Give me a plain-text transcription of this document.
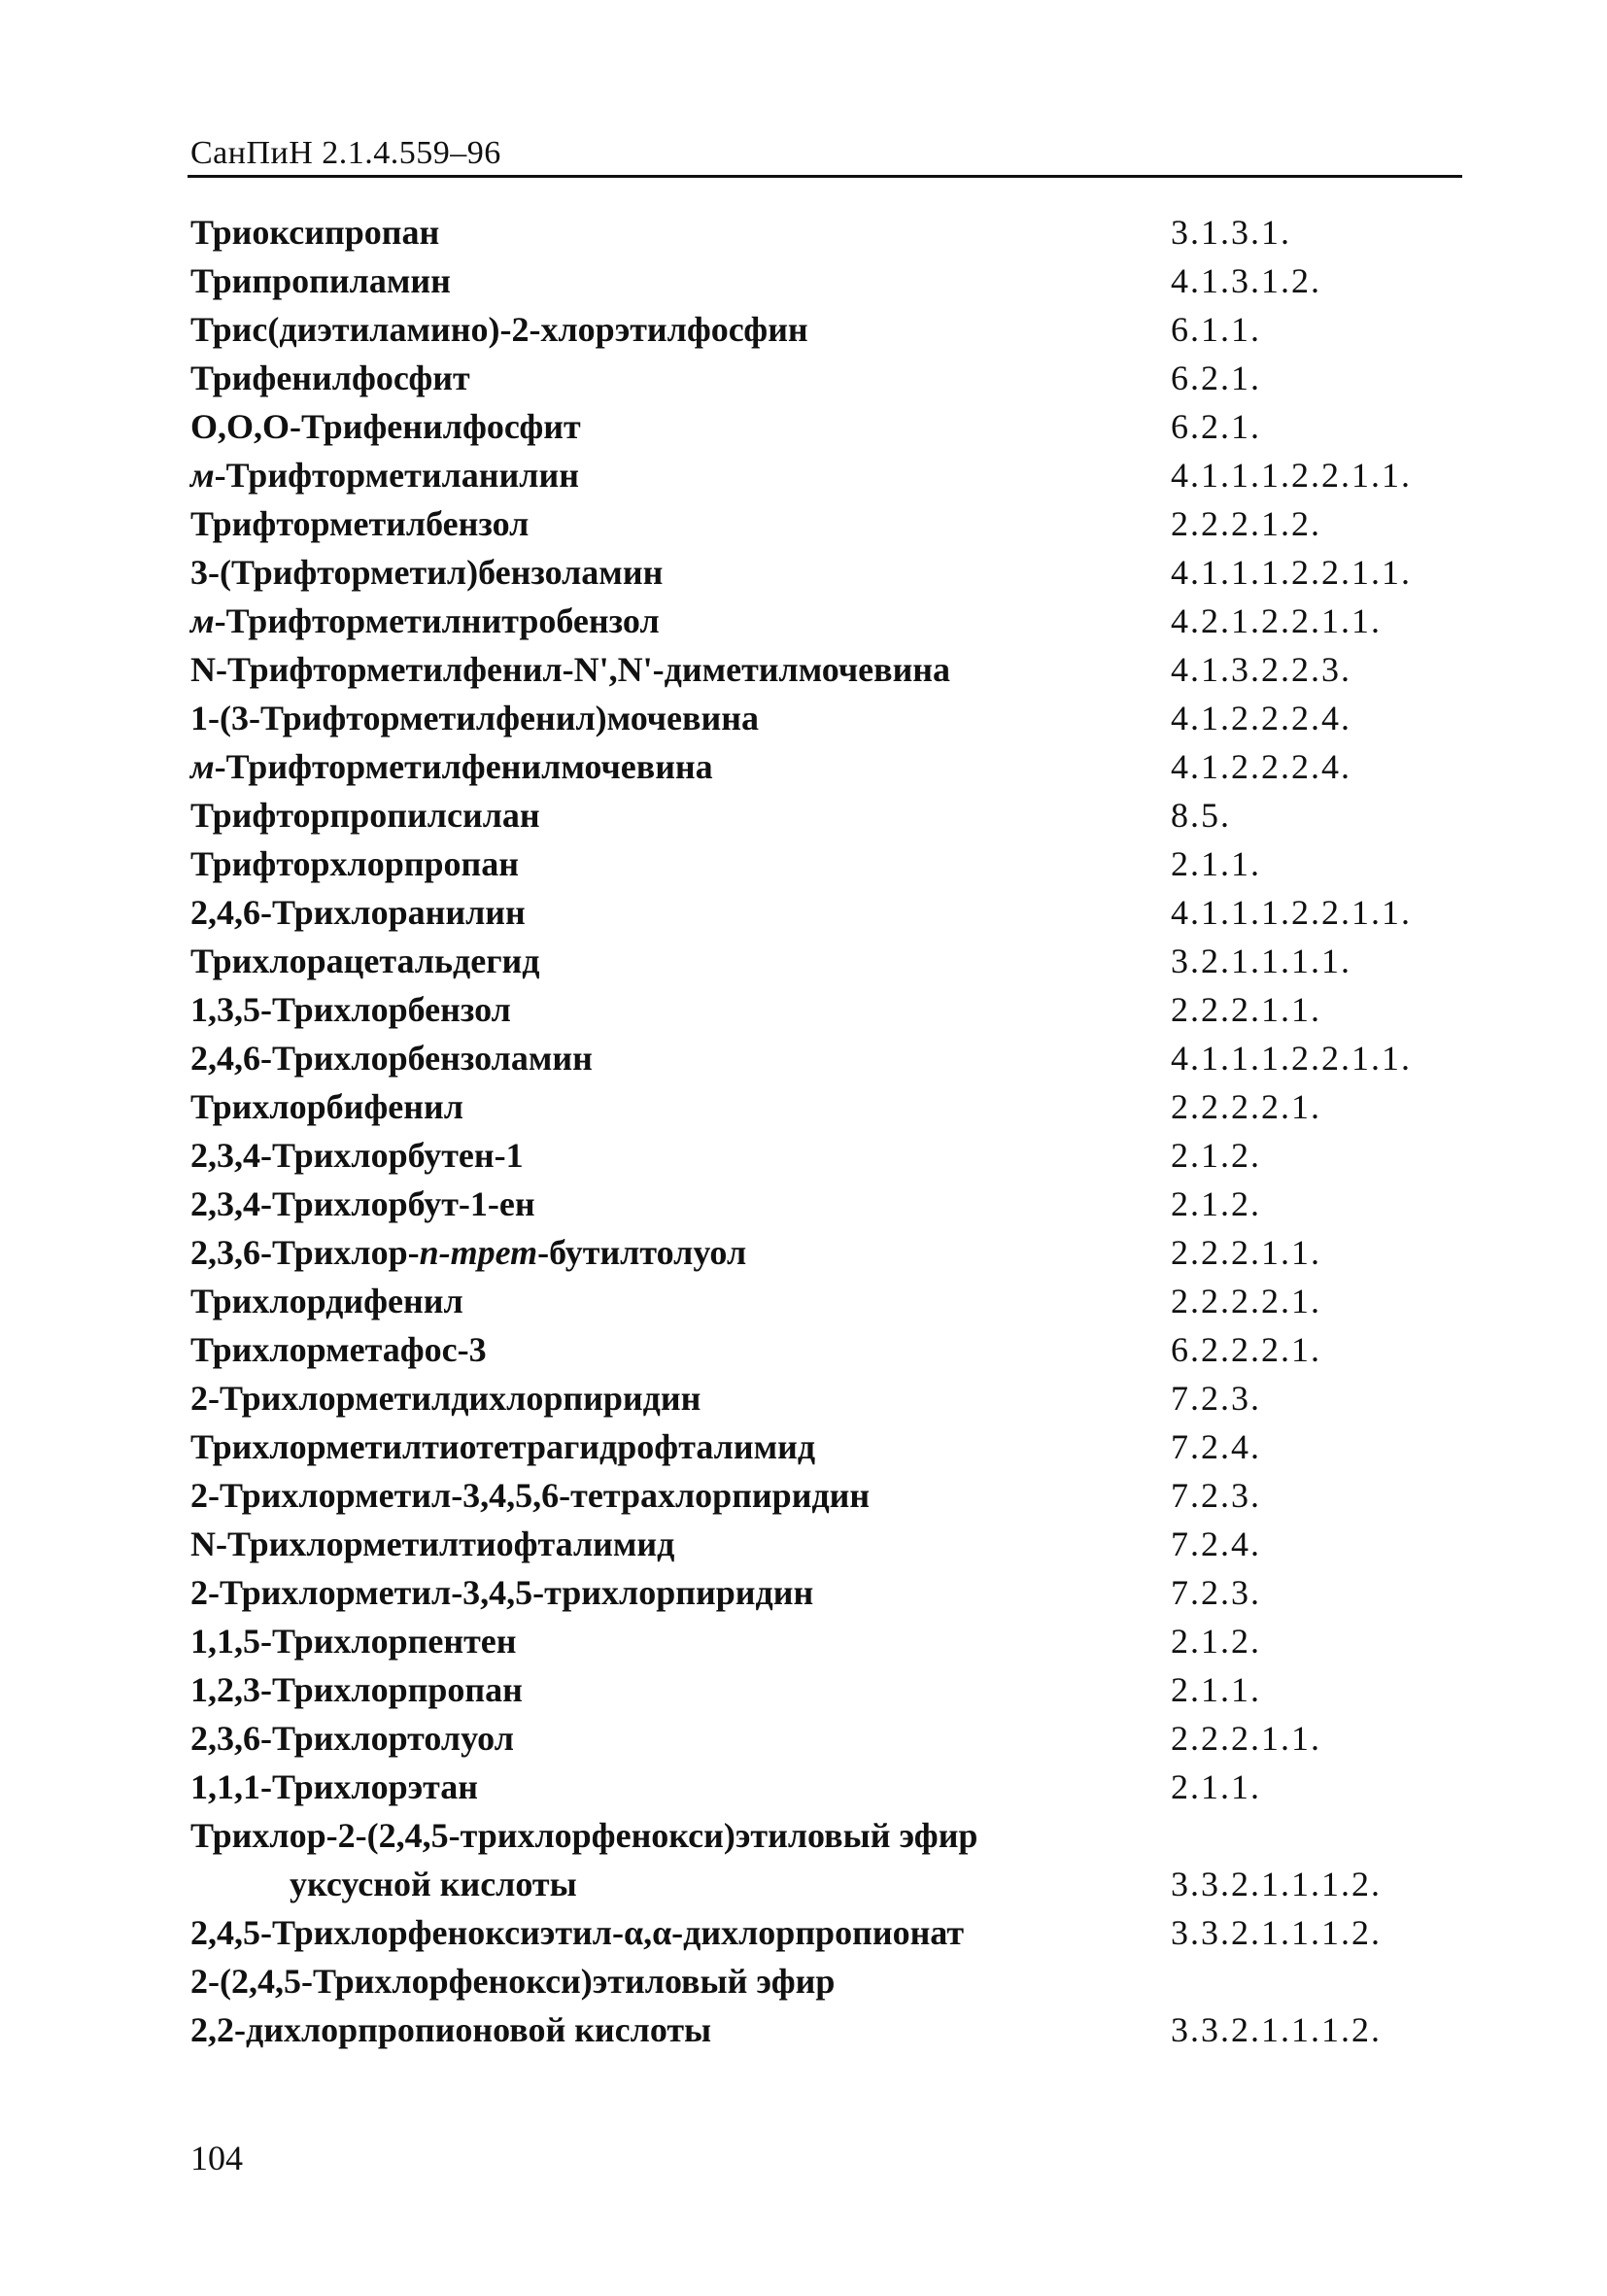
СанПиН 2.1.4.559–96
Триоксипропан	3.1.3.1.
Трипропиламин	4.1.3.1.2.
Трис(диэтиламино)-2-хлорэтилфосфин	6.1.1.
Трифенилфосфит	6.2.1.
O,O,O-Трифенилфосфит	6.2.1.
м-Трифторметиланилин	4.1.1.1.2.2.1.1.
Трифторметилбензол	2.2.2.1.2.
3-(Трифторметил)бензоламин	4.1.1.1.2.2.1.1.
м-Трифторметилнитробензол	4.2.1.2.2.1.1.
N-Трифторметилфенил-N',N'-диметилмочевина	4.1.3.2.2.3.
1-(3-Трифторметилфенил)мочевина	4.1.2.2.2.4.
м-Трифторметилфенилмочевина	4.1.2.2.2.4.
Трифторпропилсилан	8.5.
Трифторхлорпропан	2.1.1.
2,4,6-Трихлоранилин	4.1.1.1.2.2.1.1.
Трихлорацетальдегид	3.2.1.1.1.1.
1,3,5-Трихлорбензол	2.2.2.1.1.
2,4,6-Трихлорбензоламин	4.1.1.1.2.2.1.1.
Трихлорбифенил	2.2.2.2.1.
2,3,4-Трихлорбутен-1	2.1.2.
2,3,4-Трихлорбут-1-ен	2.1.2.
2,3,6-Трихлор-п-трет-бутилтолуол	2.2.2.1.1.
Трихлордифенил	2.2.2.2.1.
Трихлорметафос-3	6.2.2.2.1.
2-Трихлорметилдихлорпиридин	7.2.3.
Трихлорметилтиотетрагидрофталимид	7.2.4.
2-Трихлорметил-3,4,5,6-тетрахлорпиридин	7.2.3.
N-Трихлорметилтиофталимид	7.2.4.
2-Трихлорметил-3,4,5-трихлорпиридин	7.2.3.
1,1,5-Трихлорпентен	2.1.2.
1,2,3-Трихлорпропан	2.1.1.
2,3,6-Трихлортолуол	2.2.2.1.1.
1,1,1-Трихлорэтан	2.1.1.
Трихлор-2-(2,4,5-трихлорфенокси)этиловый эфир
уксусной кислоты	3.3.2.1.1.1.2.
2,4,5-Трихлорфеноксиэтил-α,α-дихлорпропионат	3.3.2.1.1.1.2.
2-(2,4,5-Трихлорфенокси)этиловый эфир
2,2-дихлорпропионовой кислоты	3.3.2.1.1.1.2.
104
